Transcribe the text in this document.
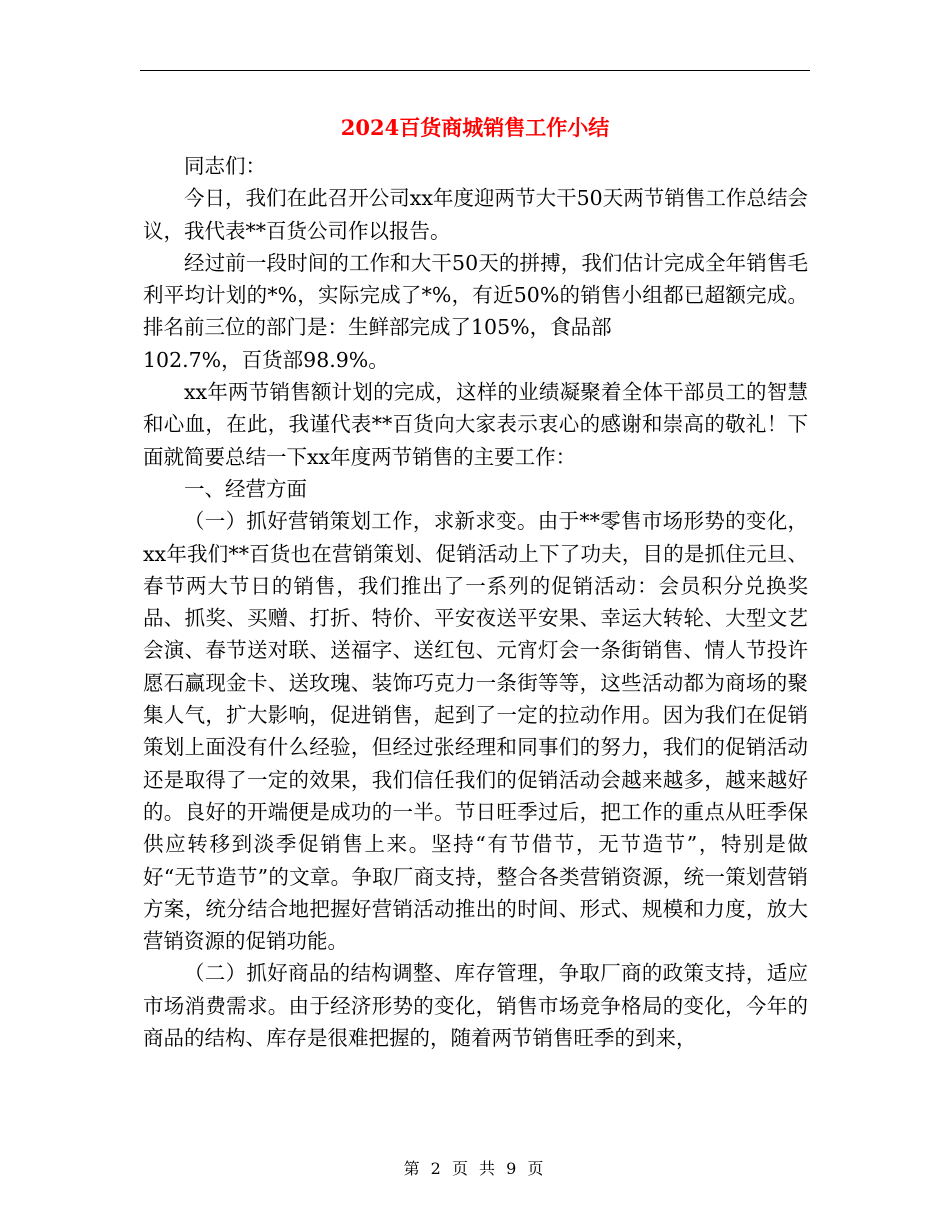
2024百货商城销售工作小结

同志们：

今日，我们在此召开公司xx年度迎两节大干50天两节销售工作总结会议，我代表**百货公司作以报告。

经过前一段时间的工作和大干50天的拼搏，我们估计完成全年销售毛利平均计划的*%，实际完成了*%，有近50%的销售小组都已超额完成。排名前三位的部门是：生鲜部完成了105%，食品部

102.7%，百货部98.9%。

xx年两节销售额计划的完成，这样的业绩凝聚着全体干部员工的智慧和心血，在此，我谨代表**百货向大家表示衷心的感谢和崇高的敬礼！下面就简要总结一下xx年度两节销售的主要工作：

一、经营方面

（一）抓好营销策划工作，求新求变。由于**零售市场形势的变化，xx年我们**百货也在营销策划、促销活动上下了功夫，目的是抓住元旦、春节两大节日的销售，我们推出了一系列的促销活动：会员积分兑换奖品、抓奖、买赠、打折、特价、平安夜送平安果、幸运大转轮、大型文艺会演、春节送对联、送福字、送红包、元宵灯会一条街销售、情人节投许愿石赢现金卡、送玫瑰、装饰巧克力一条街等等，这些活动都为商场的聚集人气，扩大影响，促进销售，起到了一定的拉动作用。因为我们在促销策划上面没有什么经验，但经过张经理和同事们的努力，我们的促销活动还是取得了一定的效果，我们信任我们的促销活动会越来越多，越来越好的。良好的开端便是成功的一半。节日旺季过后，把工作的重点从旺季保供应转移到淡季促销售上来。坚持“有节借节，无节造节”，特别是做好“无节造节”的文章。争取厂商支持，整合各类营销资源，统一策划营销方案，统分结合地把握好营销活动推出的时间、形式、规模和力度，放大营销资源的促销功能。

（二）抓好商品的结构调整、库存管理，争取厂商的政策支持，适应市场消费需求。由于经济形势的变化，销售市场竞争格局的变化，今年的商品的结构、库存是很难把握的，随着两节销售旺季的到来，

第 2 页 共 9 页
